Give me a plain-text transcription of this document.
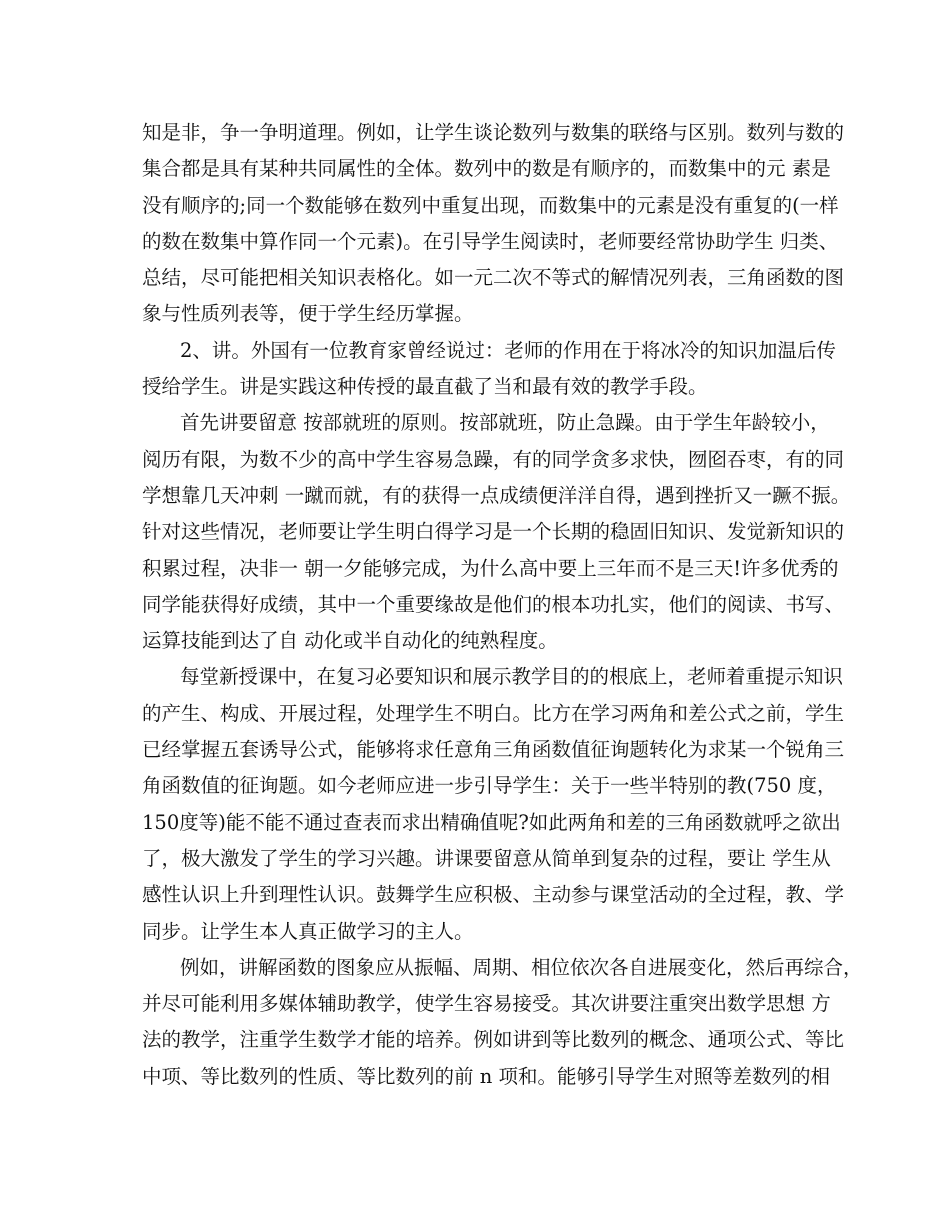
知是非，争一争明道理。例如，让学生谈论数列与数集的联络与区别。数列与数的
集合都是具有某种共同属性的全体。数列中的数是有顺序的，而数集中的元 素是
没有顺序的;同一个数能够在数列中重复出现，而数集中的元素是没有重复的(一样
的数在数集中算作同一个元素)。在引导学生阅读时，老师要经常协助学生 归类、
总结，尽可能把相关知识表格化。如一元二次不等式的解情况列表，三角函数的图
象与性质列表等，便于学生经历掌握。
2、讲。外国有一位教育家曾经说过：老师的作用在于将冰冷的知识加温后传
授给学生。讲是实践这种传授的最直截了当和最有效的教学手段。
首先讲要留意 按部就班的原则。按部就班，防止急躁。由于学生年龄较小，
阅历有限，为数不少的高中学生容易急躁，有的同学贪多求快，囫囵吞枣，有的同
学想靠几天冲刺 一蹴而就，有的获得一点成绩便洋洋自得，遇到挫折又一蹶不振。
针对这些情况，老师要让学生明白得学习是一个长期的稳固旧知识、发觉新知识的
积累过程，决非一 朝一夕能够完成，为什么高中要上三年而不是三天!许多优秀的
同学能获得好成绩，其中一个重要缘故是他们的根本功扎实，他们的阅读、书写、
运算技能到达了自 动化或半自动化的纯熟程度。
每堂新授课中，在复习必要知识和展示教学目的的根底上，老师着重提示知识
的产生、构成、开展过程，处理学生不明白。比方在学习两角和差公式之前，学生
已经掌握五套诱导公式，能够将求任意角三角函数值征询题转化为求某一个锐角三
角函数值的征询题。如今老师应进一步引导学生：关于一些半特别的教(750 度，
150度等)能不能不通过查表而求出精确值呢?如此两角和差的三角函数就呼之欲出
了，极大激发了学生的学习兴趣。讲课要留意从简单到复杂的过程，要让 学生从
感性认识上升到理性认识。鼓舞学生应积极、主动参与课堂活动的全过程，教、学
同步。让学生本人真正做学习的主人。
例如，讲解函数的图象应从振幅、周期、相位依次各自进展变化，然后再综合，
并尽可能利用多媒体辅助教学，使学生容易接受。其次讲要注重突出数学思想 方
法的教学，注重学生数学才能的培养。例如讲到等比数列的概念、通项公式、等比
中项、等比数列的性质、等比数列的前 n 项和。能够引导学生对照等差数列的相
